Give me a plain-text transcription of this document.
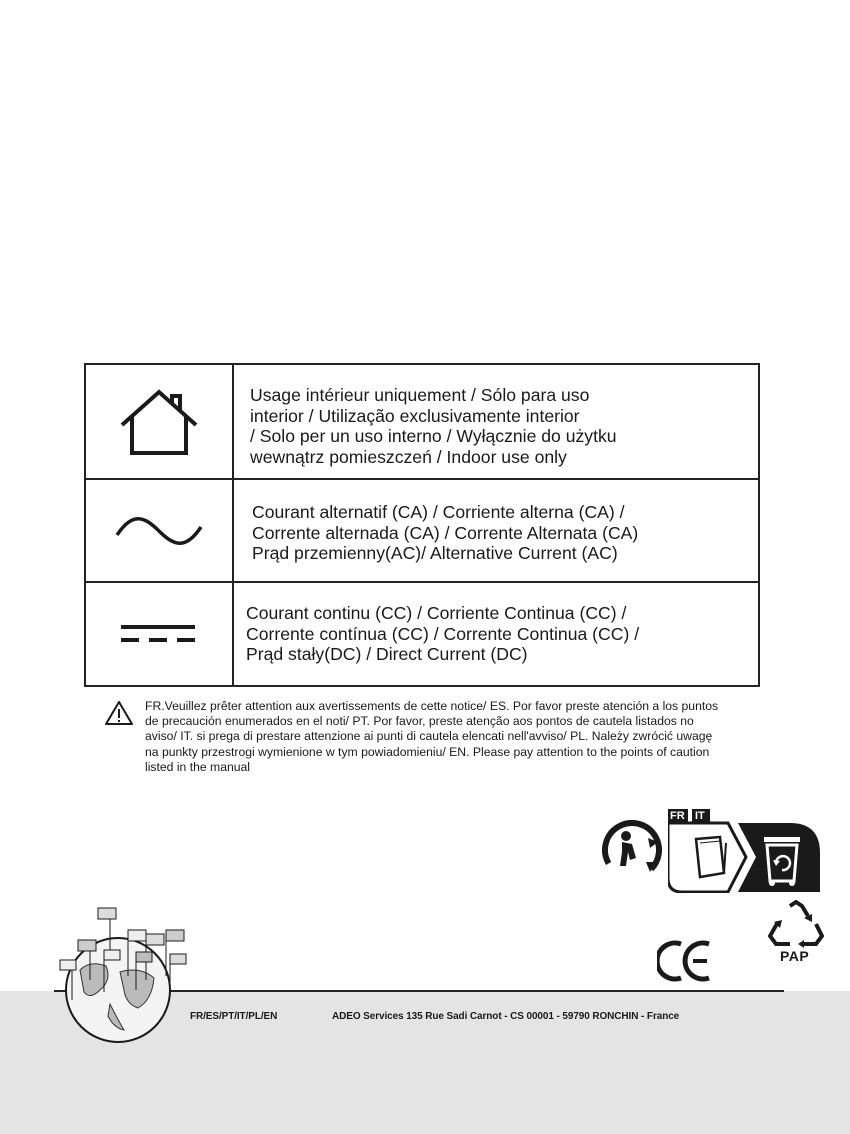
Usage intérieur uniquement / Sólo para uso
interior / Utilização exclusivamente interior
/ Solo per un uso interno / Wyłącznie do użytku
wewnątrz pomieszczeń / Indoor use only
Courant alternatif (CA) / Corriente alterna (CA) /
Corrente alternada (CA) / Corrente Alternata (CA)
Prąd przemienny(AC)/ Alternative Current (AC)
Courant continu (CC) / Corriente Continua (CC) /
Corrente contínua (CC) / Corrente Continua (CC) /
Prąd stały(DC) / Direct Current (DC)
FR.Veuillez prêter attention aux avertissements de cette notice/ ES. Por favor preste atención a los puntos
de precaución enumerados en el noti/ PT. Por favor, preste atenção aos pontos de cautela listados no
aviso/ IT. si prega di prestare attenzione ai punti di cautela elencati nell'avviso/ PL. Należy zwrócić uwagę
na punkty przestrogi wymienione w tym powiadomieniu/ EN. Please pay attention to the points of caution
listed in the manual
FR IT
PAP
FR/ES/PT/IT/PL/EN	ADEO Services 135 Rue Sadi Carnot - CS 00001 - 59790 RONCHIN - France
